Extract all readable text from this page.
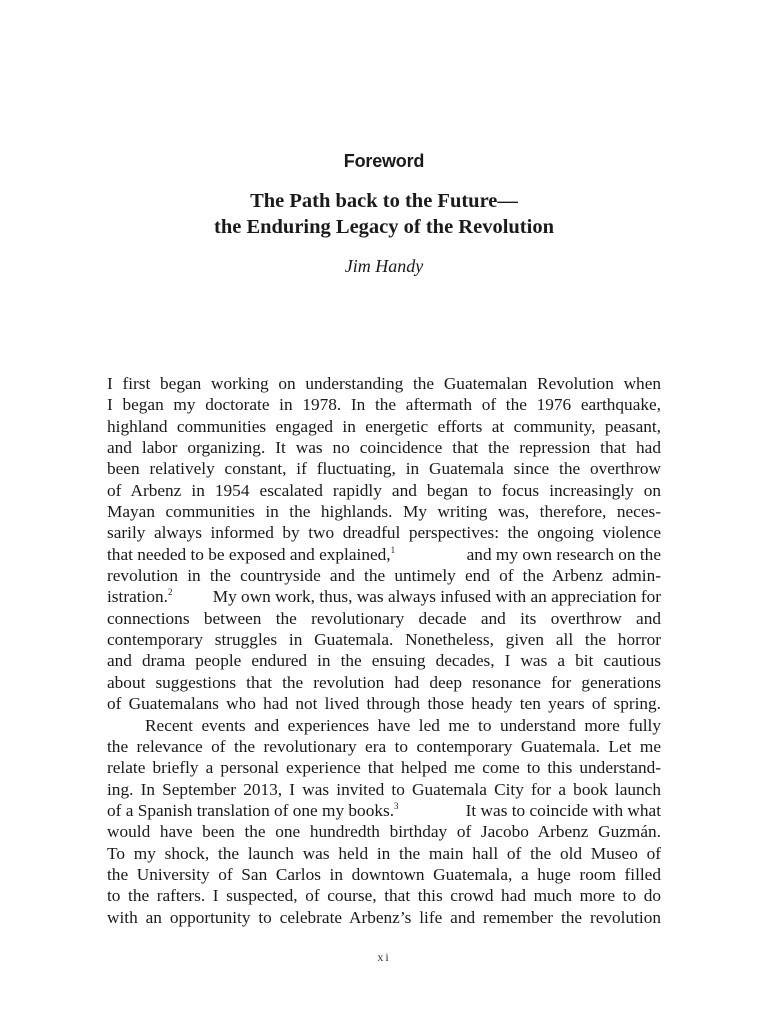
Foreword
The Path back to the Future—
the Enduring Legacy of the Revolution
Jim Handy
I first began working on understanding the Guatemalan Revolution when
I began my doctorate in 1978. In the aftermath of the 1976 earthquake,
highland communities engaged in energetic efforts at community, peasant,
and labor organizing. It was no coincidence that the repression that had
been relatively constant, if fluctuating, in Guatemala since the overthrow
of Arbenz in 1954 escalated rapidly and began to focus increasingly on
Mayan communities in the highlands. My writing was, therefore, neces-
sarily always informed by two dreadful perspectives: the ongoing violence
that needed to be exposed and explained,$^1$	and my own research on the
revolution in the countryside and the untimely end of the Arbenz admin-
istration.$^2$ My own work, thus, was always infused with an appreciation for
connections between the revolutionary decade and its overthrow and
contemporary struggles in Guatemala. Nonetheless, given all the horror
and drama people endured in the ensuing decades, I was a bit cautious
about suggestions that the revolution had deep resonance for generations
of Guatemalans who had not lived through those heady ten years of spring.
Recent events and experiences have led me to understand more fully
the relevance of the revolutionary era to contemporary Guatemala. Let me
relate briefly a personal experience that helped me come to this understand-
ing. In September 2013, I was invited to Guatemala City for a book launch
of a Spanish translation of one my books.$^3$	It was to coincide with what
would have been the one hundredth birthday of Jacobo Arbenz Guzmán.
To my shock, the launch was held in the main hall of the old Museo of
the University of San Carlos in downtown Guatemala, a huge room filled
to the rafters. I suspected, of course, that this crowd had much more to do
with an opportunity to celebrate Arbenz’s life and remember the revolution
xi
